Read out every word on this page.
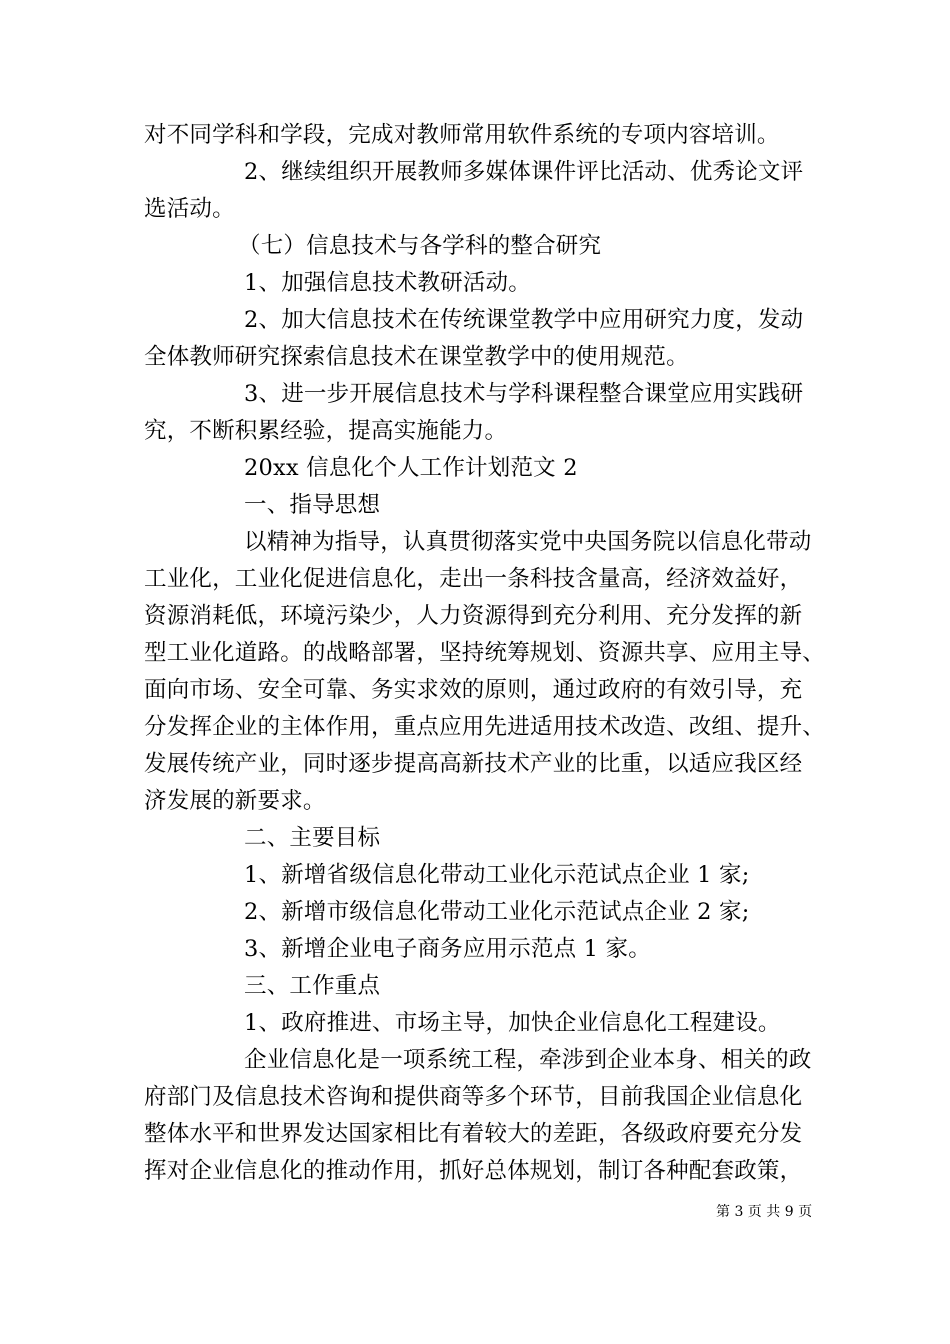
对不同学科和学段，完成对教师常用软件系统的专项内容培训。
2、继续组织开展教师多媒体课件评比活动、优秀论文评
选活动。
（七）信息技术与各学科的整合研究
1、加强信息技术教研活动。
2、加大信息技术在传统课堂教学中应用研究力度，发动
全体教师研究探索信息技术在课堂教学中的使用规范。
3、进一步开展信息技术与学科课程整合课堂应用实践研
究，不断积累经验，提高实施能力。
20xx 信息化个人工作计划范文 2
一、指导思想
以精神为指导，认真贯彻落实党中央国务院以信息化带动
工业化，工业化促进信息化，走出一条科技含量高，经济效益好，
资源消耗低，环境污染少，人力资源得到充分利用、充分发挥的新
型工业化道路。的战略部署，坚持统筹规划、资源共享、应用主导、
面向市场、安全可靠、务实求效的原则，通过政府的有效引导，充
分发挥企业的主体作用，重点应用先进适用技术改造、改组、提升、
发展传统产业，同时逐步提高高新技术产业的比重，以适应我区经
济发展的新要求。
二、主要目标
1、新增省级信息化带动工业化示范试点企业 1 家;
2、新增市级信息化带动工业化示范试点企业 2 家;
3、新增企业电子商务应用示范点 1 家。
三、工作重点
1、政府推进、市场主导，加快企业信息化工程建设。
企业信息化是一项系统工程，牵涉到企业本身、相关的政
府部门及信息技术咨询和提供商等多个环节，目前我国企业信息化
整体水平和世界发达国家相比有着较大的差距，各级政府要充分发
挥对企业信息化的推动作用，抓好总体规划，制订各种配套政策，
第 3 页 共 9 页
